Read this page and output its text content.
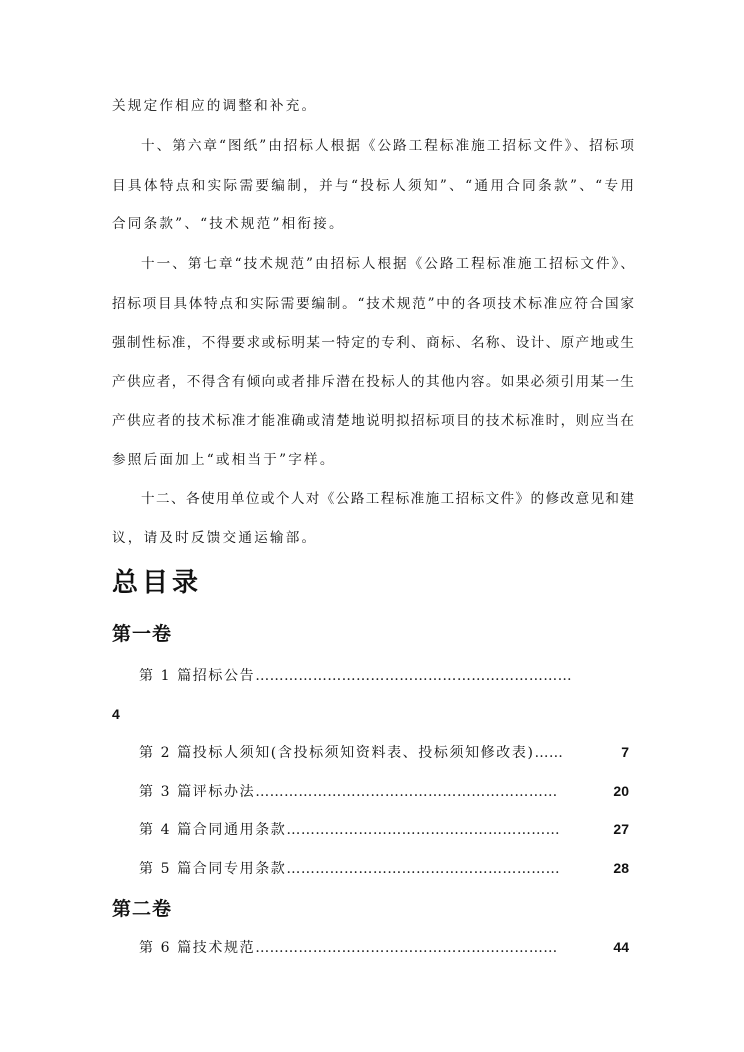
关规定作相应的调整和补充。
十、第六章“图纸”由招标人根据《公路工程标准施工招标文件》、招标项
目具体特点和实际需要编制，并与“投标人须知”、“通用合同条款”、“专用
合同条款”、“技术规范”相衔接。
十一、第七章“技术规范”由招标人根据《公路工程标准施工招标文件》、
招标项目具体特点和实际需要编制。“技术规范”中的各项技术标准应符合国家
强制性标准，不得要求或标明某一特定的专利、商标、名称、设计、原产地或生
产供应者，不得含有倾向或者排斥潜在投标人的其他内容。如果必须引用某一生
产供应者的技术标准才能准确或清楚地说明拟招标项目的技术标准时，则应当在
参照后面加上“或相当于”字样。
十二、各使用单位或个人对《公路工程标准施工招标文件》的修改意见和建
议，请及时反馈交通运输部。
总目录
第一卷
第 1 篇招标公告 …………………………………………………………
4
第 2 篇投标人须知(含投标须知资料表、投标须知修改表) ……	7
第 3 篇评标办法 ………………………………………………………	20
第 4 篇合同通用条款 …………………………………………………	27
第 5 篇合同专用条款 …………………………………………………	28
第二卷
第 6 篇技术规范 ………………………………………………………	44
